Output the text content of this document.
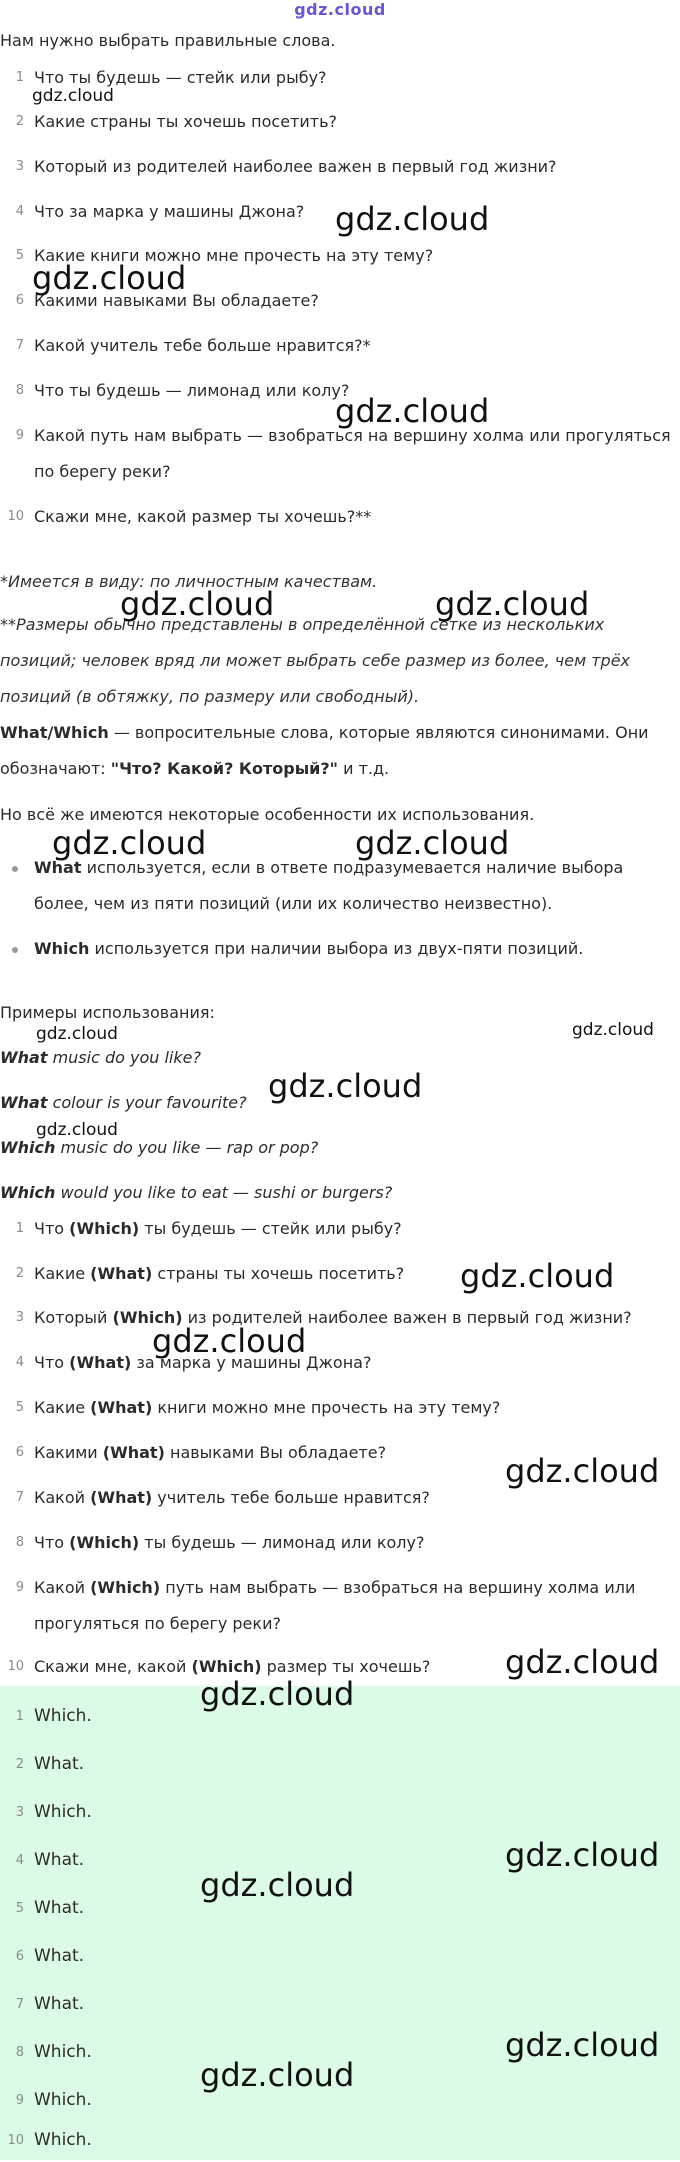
gdz.cloud
Нам нужно выбрать правильные слова.
1 Что ты будешь — стейк или рыбу?
2 Какие страны ты хочешь посетить?
3 Который из родителей наиболее важен в первый год жизни?
4 Что за марка у машины Джона?
5 Какие книги можно мне прочесть на эту тему?
6 Какими навыками Вы обладаете?
7 Какой учитель тебе больше нравится?*
8 Что ты будешь — лимонад или колу?
9 Какой путь нам выбрать — взобраться на вершину холма или прогуляться
по берегу реки?
10 Скажи мне, какой размер ты хочешь?**
*Имеется в виду: по личностным качествам.
**Размеры обычно представлены в определённой сетке из нескольких
позиций; человек вряд ли может выбрать себе размер из более, чем трёх
позиций (в обтяжку, по размеру или свободный).
What/Which — вопросительные слова, которые являются синонимами. Они
обозначают: "Что? Какой? Который?" и т.д.
Но всё же имеются некоторые особенности их использования.
What используется, если в ответе подразумевается наличие выбора
более, чем из пяти позиций (или их количество неизвестно).
Which используется при наличии выбора из двух-пяти позиций.
Примеры использования:
What music do you like?
What colour is your favourite?
Which music do you like — rap or pop?
Which would you like to eat — sushi or burgers?
1 Что (Which) ты будешь — стейк или рыбу?
2 Какие (What) страны ты хочешь посетить?
3 Который (Which) из родителей наиболее важен в первый год жизни?
4 Что (What) за марка у машины Джона?
5 Какие (What) книги можно мне прочесть на эту тему?
6 Какими (What) навыками Вы обладаете?
7 Какой (What) учитель тебе больше нравится?
8 Что (Which) ты будешь — лимонад или колу?
9 Какой (Which) путь нам выбрать — взобраться на вершину холма или
прогуляться по берегу реки?
10 Скажи мне, какой (Which) размер ты хочешь?
1 Which.
2 What.
3 Which.
4 What.
5 What.
6 What.
7 What.
8 Which.
9 Which.
10 Which.
gdz.cloud
gdz.cloud
gdz.cloud
gdz.cloud
gdz.cloud	gdz.cloud
gdz.cloud	gdz.cloud
gdz.cloud	gdz.cloud
gdz.cloud
gdz.cloud
gdz.cloud
gdz.cloud
gdz.cloud
gdz.cloud
gdz.cloud
gdz.cloud
gdz.cloud
gdz.cloud
gdz.cloud
